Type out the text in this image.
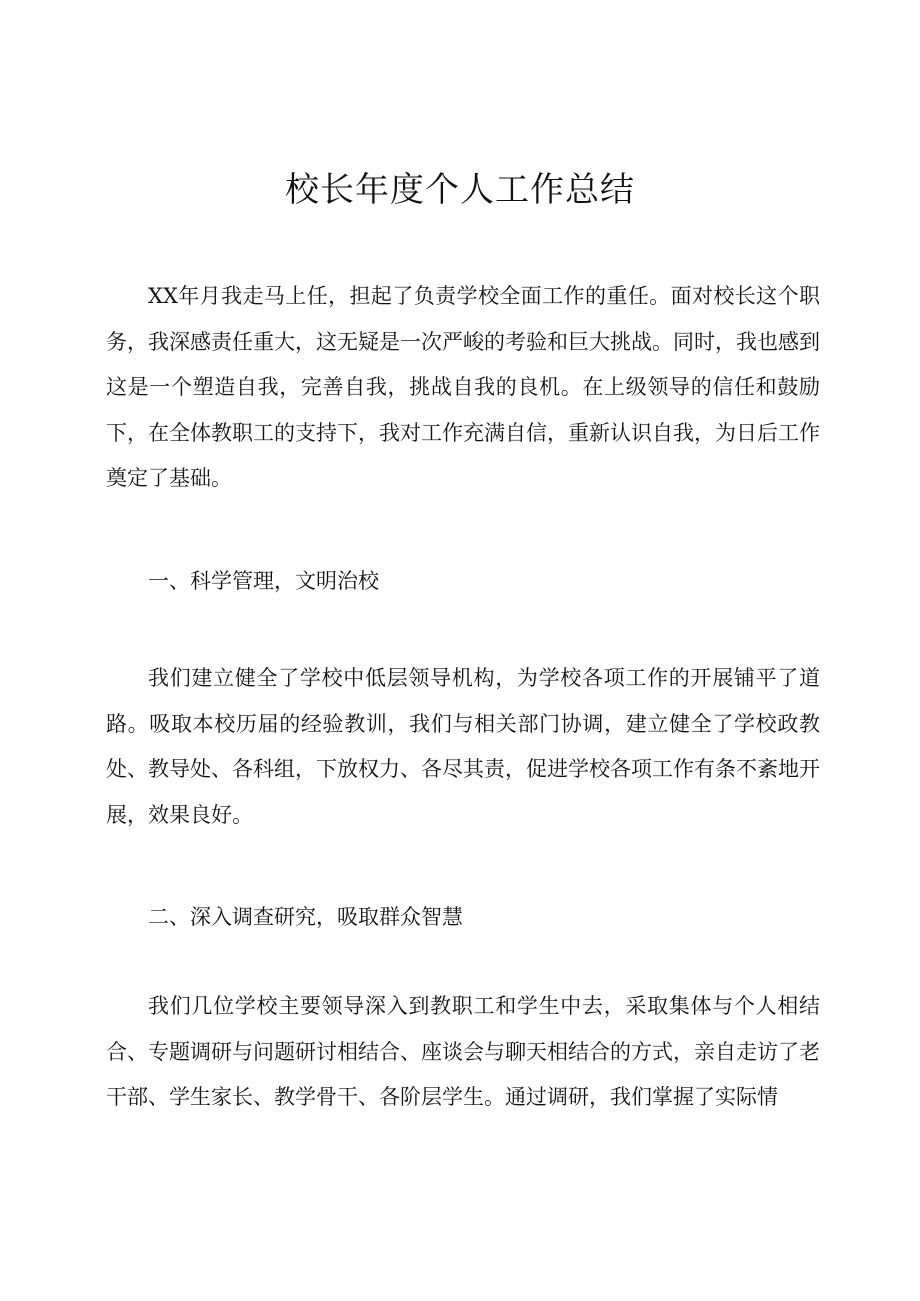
校长年度个人工作总结

XX年月我走马上任，担起了负责学校全面工作的重任。面对校长这个职务，我深感责任重大，这无疑是一次严峻的考验和巨大挑战。同时，我也感到这是一个塑造自我，完善自我，挑战自我的良机。在上级领导的信任和鼓励下，在全体教职工的支持下，我对工作充满自信，重新认识自我，为日后工作奠定了基础。

一、科学管理，文明治校

我们建立健全了学校中低层领导机构，为学校各项工作的开展铺平了道路。吸取本校历届的经验教训，我们与相关部门协调，建立健全了学校政教处、教导处、各科组，下放权力、各尽其责，促进学校各项工作有条不紊地开展，效果良好。

二、深入调查研究，吸取群众智慧

我们几位学校主要领导深入到教职工和学生中去，采取集体与个人相结合、专题调研与问题研讨相结合、座谈会与聊天相结合的方式，亲自走访了老干部、学生家长、教学骨干、各阶层学生。通过调研，我们掌握了实际情
